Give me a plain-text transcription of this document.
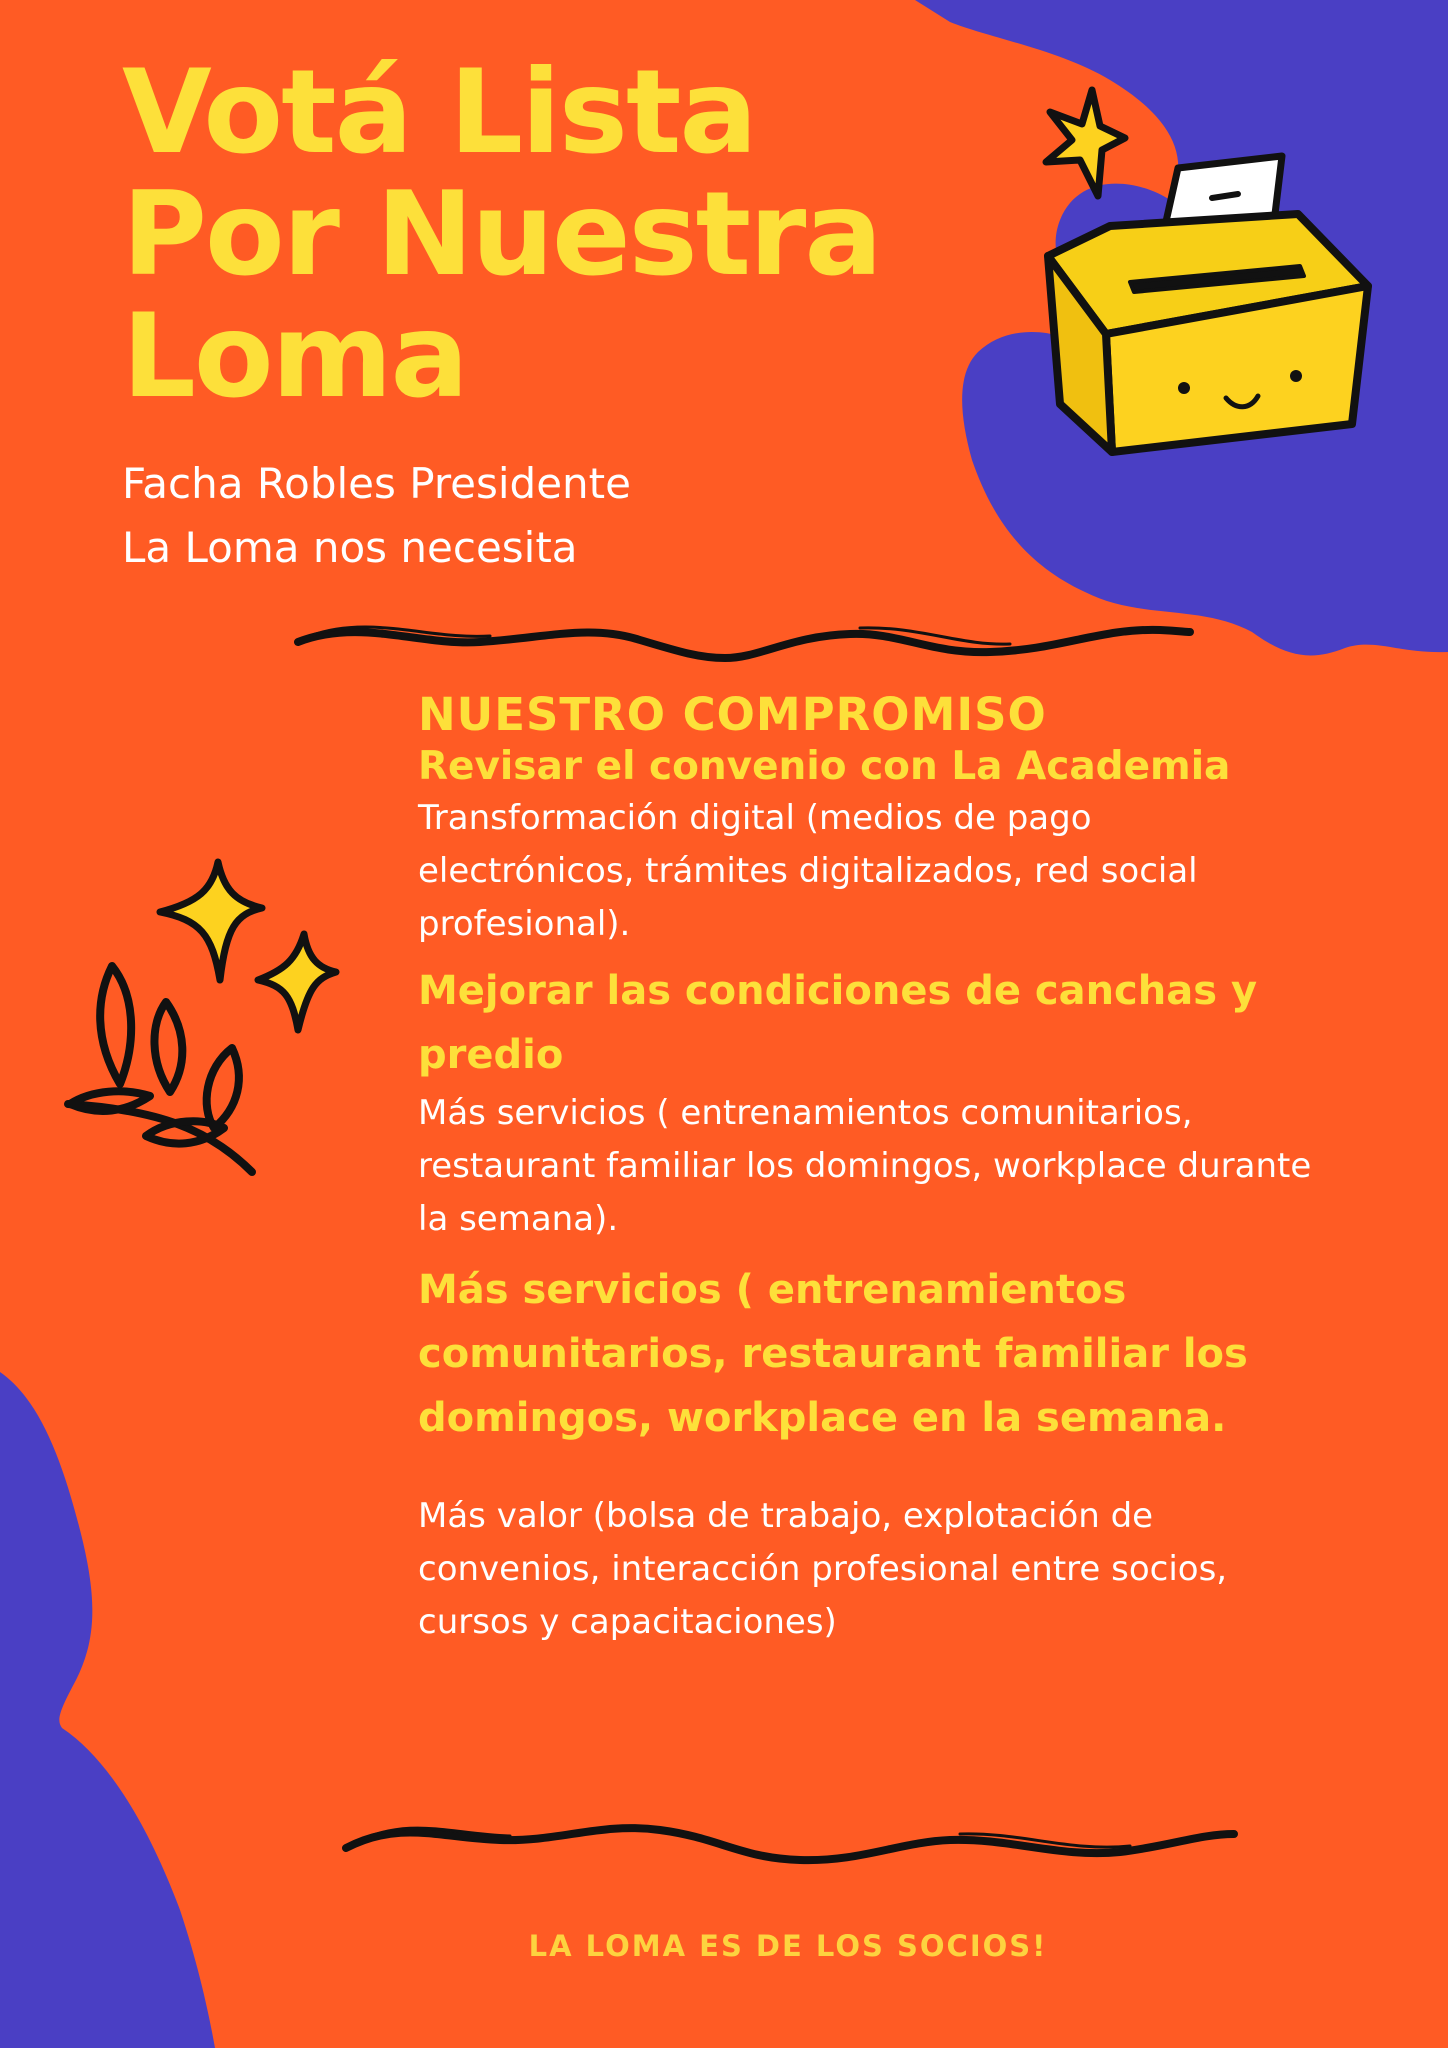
Votá Lista
Por Nuestra
Loma
Facha Robles Presidente
La Loma nos necesita
NUESTRO COMPROMISO
Revisar el convenio con La Academia
Transformación digital (medios de pago electrónicos, trámites digitalizados, red social profesional).
Mejorar las condiciones de canchas y predio
Más servicios ( entrenamientos comunitarios, restaurant familiar los domingos, workplace durante la semana).
Más servicios ( entrenamientos comunitarios, restaurant familiar los domingos, workplace en la semana.
Más valor (bolsa de trabajo, explotación de convenios, interacción profesional entre socios, cursos y capacitaciones)
LA LOMA ES DE LOS SOCIOS!
